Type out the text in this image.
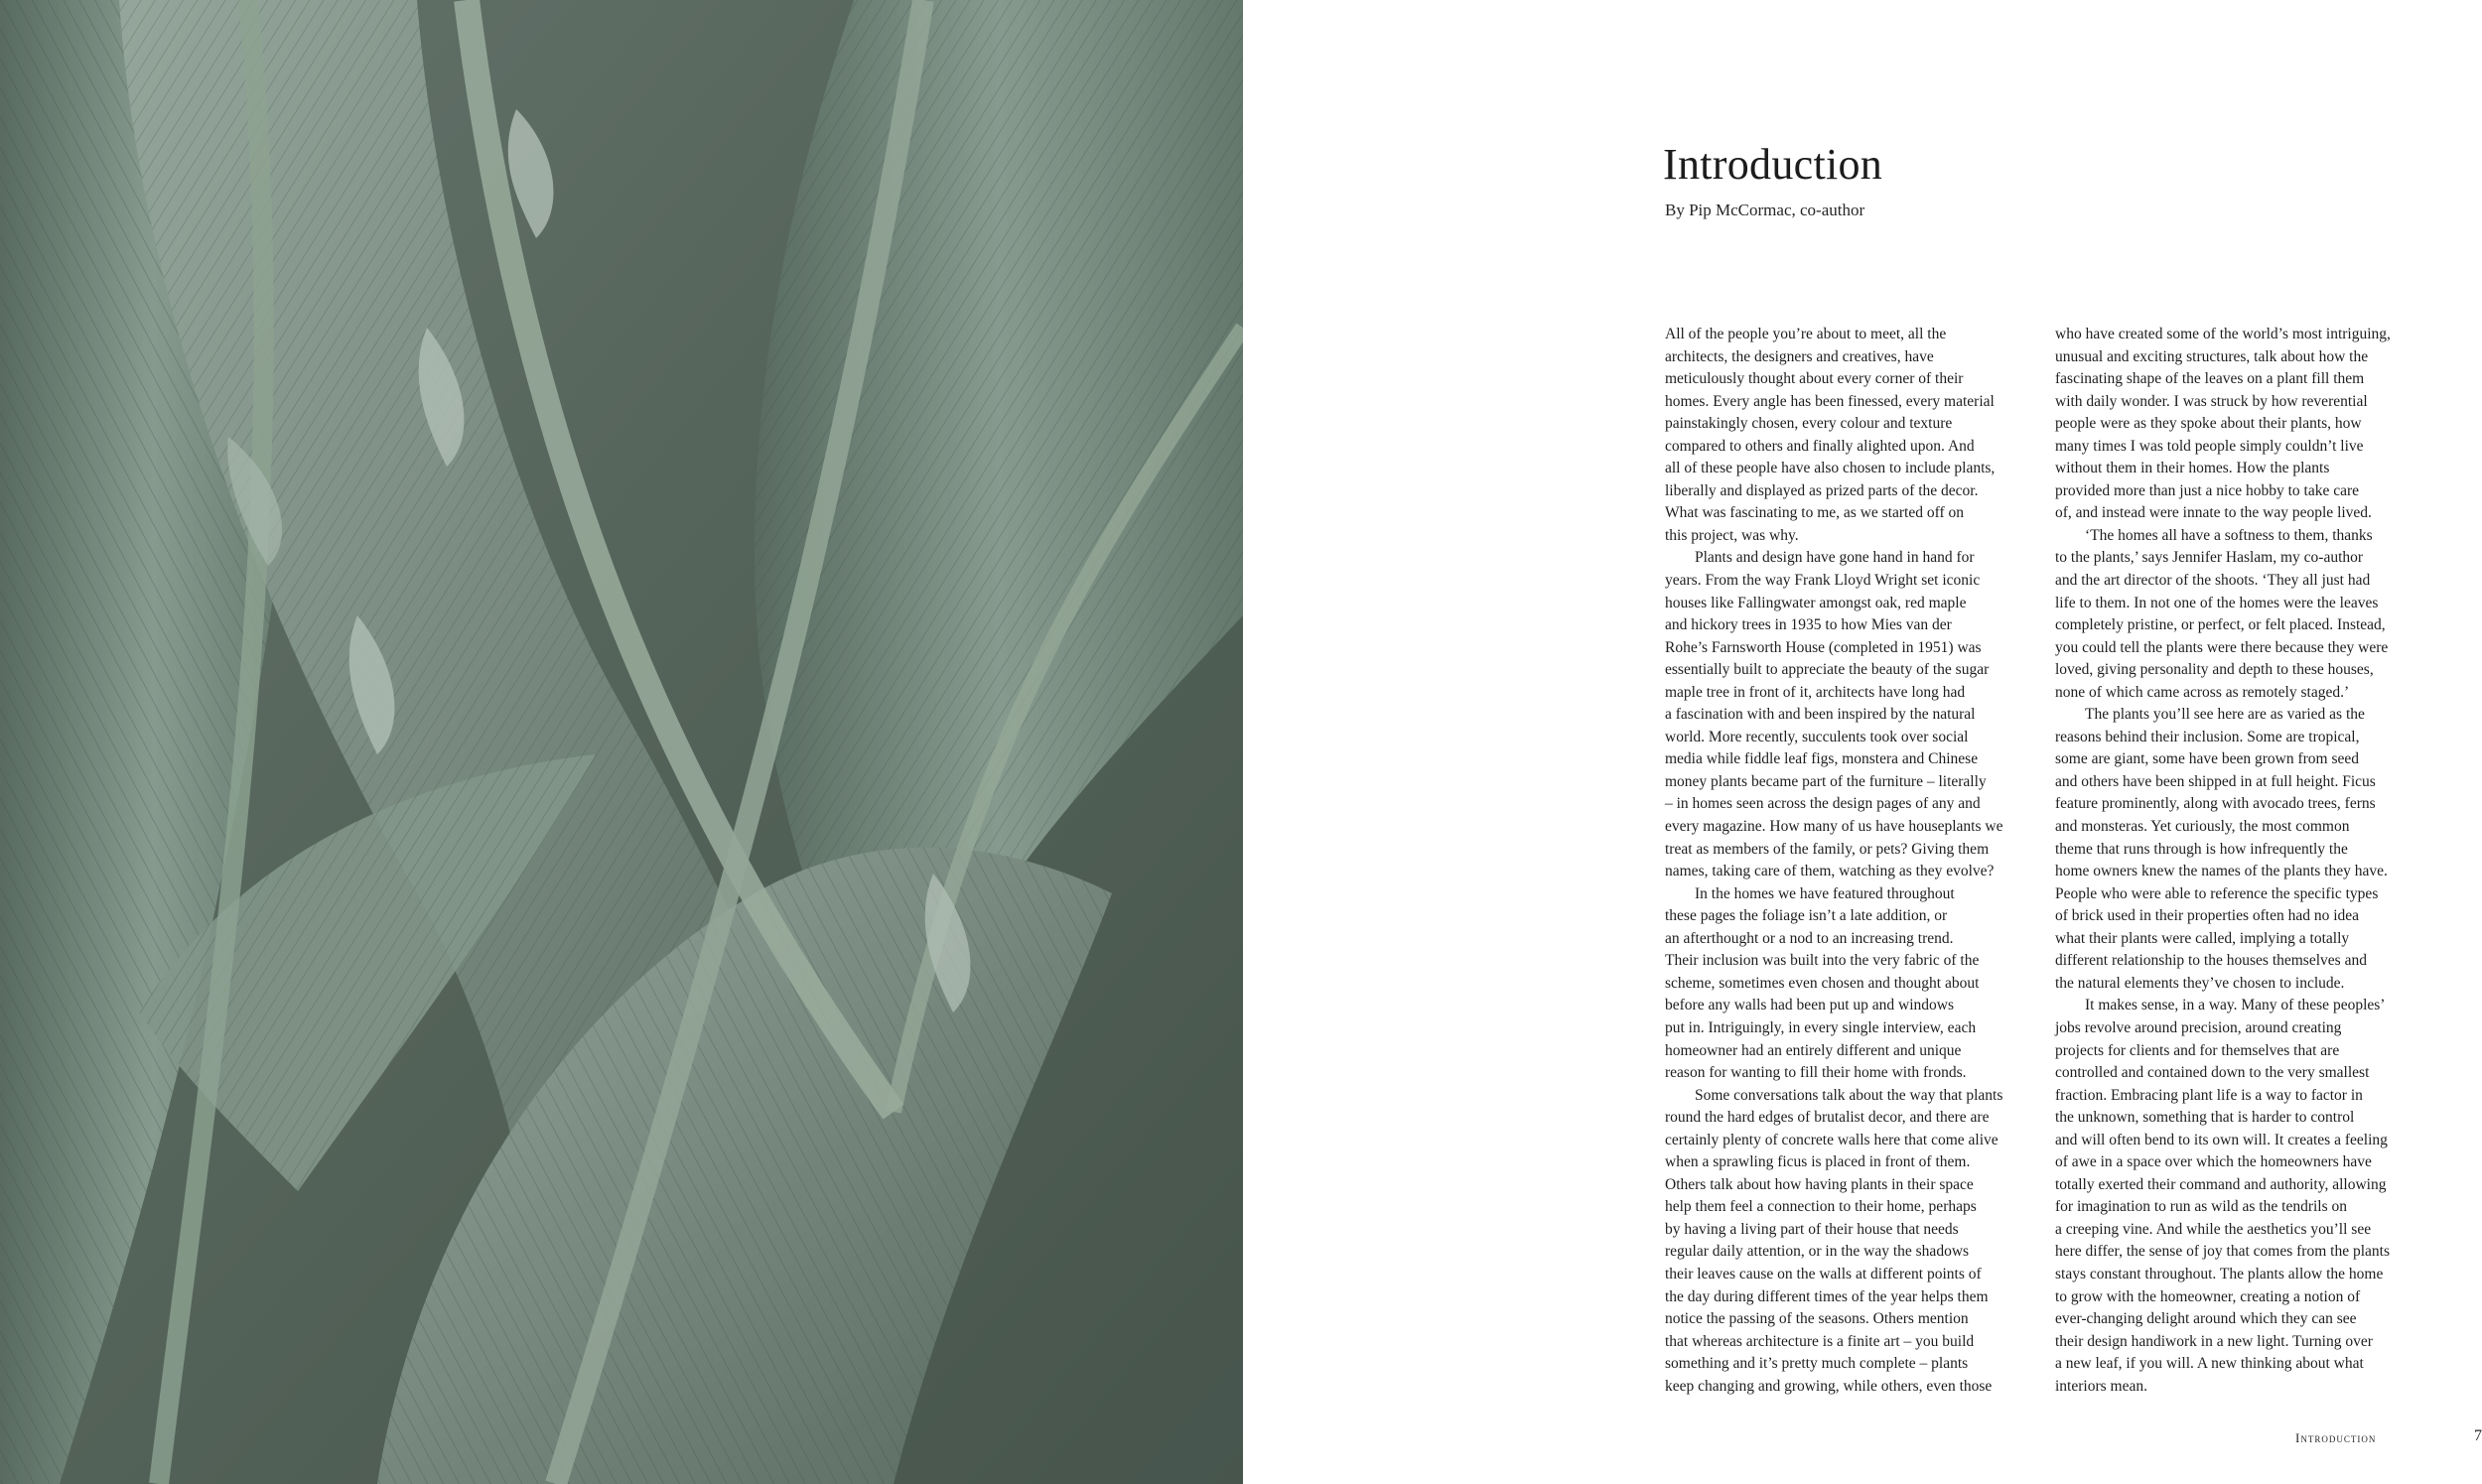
Introduction
By Pip McCormac, co-author
All of the people you’re about to meet, all the
architects, the designers and creatives, have
meticulously thought about every corner of their
homes. Every angle has been finessed, every material
painstakingly chosen, every colour and texture
compared to others and finally alighted upon. And
all of these people have also chosen to include plants,
liberally and displayed as prized parts of the decor.
What was fascinating to me, as we started off on
this project, was why.
Plants and design have gone hand in hand for
years. From the way Frank Lloyd Wright set iconic
houses like Fallingwater amongst oak, red maple
and hickory trees in 1935 to how Mies van der
Rohe’s Farnsworth House (completed in 1951) was
essentially built to appreciate the beauty of the sugar
maple tree in front of it, architects have long had
a fascination with and been inspired by the natural
world. More recently, succulents took over social
media while fiddle leaf figs, monstera and Chinese
money plants became part of the furniture – literally
– in homes seen across the design pages of any and
every magazine. How many of us have houseplants we
treat as members of the family, or pets? Giving them
names, taking care of them, watching as they evolve?
In the homes we have featured throughout
these pages the foliage isn’t a late addition, or
an afterthought or a nod to an increasing trend.
Their inclusion was built into the very fabric of the
scheme, sometimes even chosen and thought about
before any walls had been put up and windows
put in. Intriguingly, in every single interview, each
homeowner had an entirely different and unique
reason for wanting to fill their home with fronds.
Some conversations talk about the way that plants
round the hard edges of brutalist decor, and there are
certainly plenty of concrete walls here that come alive
when a sprawling ficus is placed in front of them.
Others talk about how having plants in their space
help them feel a connection to their home, perhaps
by having a living part of their house that needs
regular daily attention, or in the way the shadows
their leaves cause on the walls at different points of
the day during different times of the year helps them
notice the passing of the seasons. Others mention
that whereas architecture is a finite art – you build
something and it’s pretty much complete – plants
keep changing and growing, while others, even those
who have created some of the world’s most intriguing,
unusual and exciting structures, talk about how the
fascinating shape of the leaves on a plant fill them
with daily wonder. I was struck by how reverential
people were as they spoke about their plants, how
many times I was told people simply couldn’t live
without them in their homes. How the plants
provided more than just a nice hobby to take care
of, and instead were innate to the way people lived.
‘The homes all have a softness to them, thanks
to the plants,’ says Jennifer Haslam, my co-author
and the art director of the shoots. ‘They all just had
life to them. In not one of the homes were the leaves
completely pristine, or perfect, or felt placed. Instead,
you could tell the plants were there because they were
loved, giving personality and depth to these houses,
none of which came across as remotely staged.’
The plants you’ll see here are as varied as the
reasons behind their inclusion. Some are tropical,
some are giant, some have been grown from seed
and others have been shipped in at full height. Ficus
feature prominently, along with avocado trees, ferns
and monsteras. Yet curiously, the most common
theme that runs through is how infrequently the
home owners knew the names of the plants they have.
People who were able to reference the specific types
of brick used in their properties often had no idea
what their plants were called, implying a totally
different relationship to the houses themselves and
the natural elements they’ve chosen to include.
It makes sense, in a way. Many of these peoples’
jobs revolve around precision, around creating
projects for clients and for themselves that are
controlled and contained down to the very smallest
fraction. Embracing plant life is a way to factor in
the unknown, something that is harder to control
and will often bend to its own will. It creates a feeling
of awe in a space over which the homeowners have
totally exerted their command and authority, allowing
for imagination to run as wild as the tendrils on
a creeping vine. And while the aesthetics you’ll see
here differ, the sense of joy that comes from the plants
stays constant throughout. The plants allow the home
to grow with the homeowner, creating a notion of
ever-changing delight around which they can see
their design handiwork in a new light. Turning over
a new leaf, if you will. A new thinking about what
interiors mean.
Introduction	7
